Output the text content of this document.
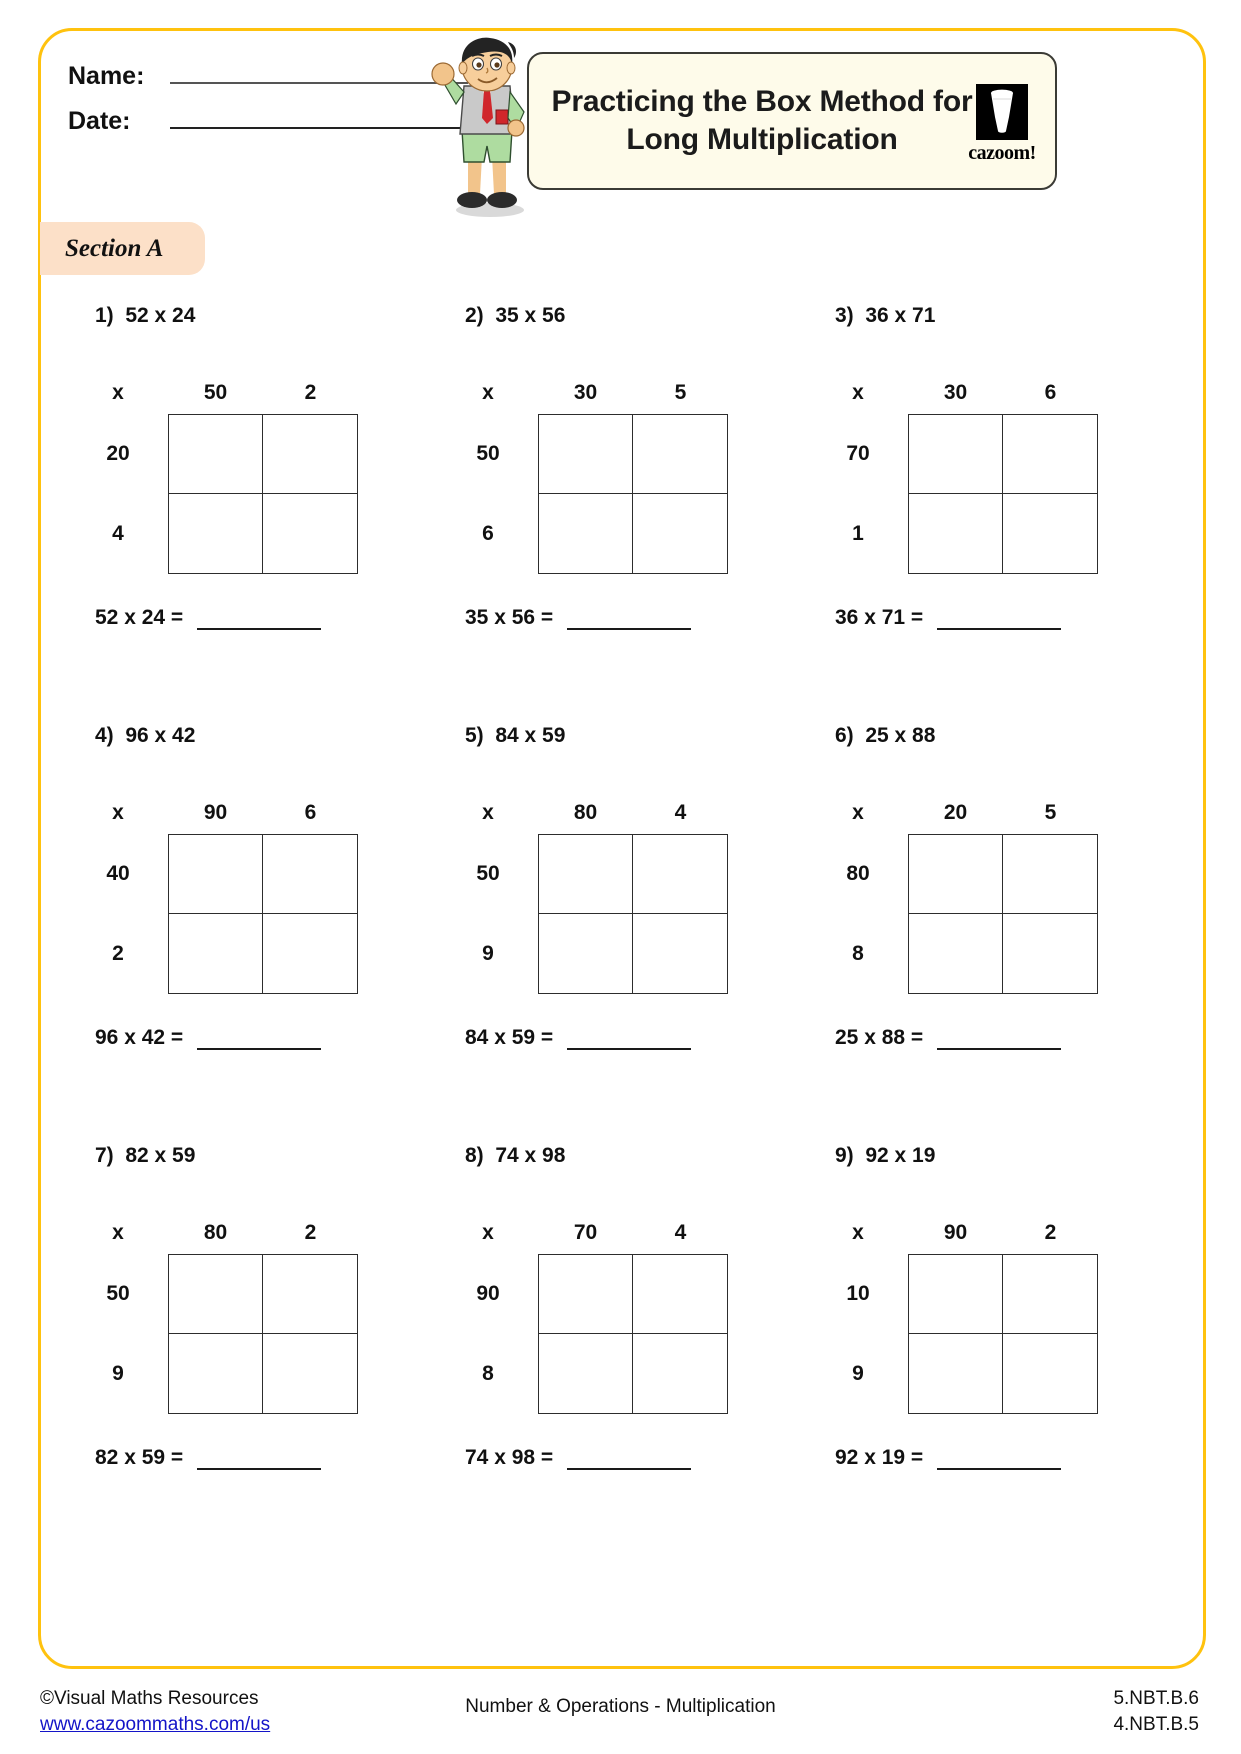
Name:
Date:
Practicing the Box Method for Long Multiplication	cazoom!
Section A
1)  52 x 24
x	50	2
20
4
52 x 24 =
2)  35 x 56
x	30	5
50
6
35 x 56 =
3)  36 x 71
x	30	6
70
1
36 x 71 =
4)  96 x 42
x	90	6
40
2
96 x 42 =
5)  84 x 59
x	80	4
50
9
84 x 59 =
6)  25 x 88
x	20	5
80
8
25 x 88 =
7)  82 x 59
x	80	2
50
9
82 x 59 =
8)  74 x 98
x	70	4
90
8
74 x 98 =
9)  92 x 19
x	90	2
10
9
92 x 19 =
©Visual Maths Resources
www.cazoommaths.com/us
Number & Operations - Multiplication	5.NBT.B.6
4.NBT.B.5
